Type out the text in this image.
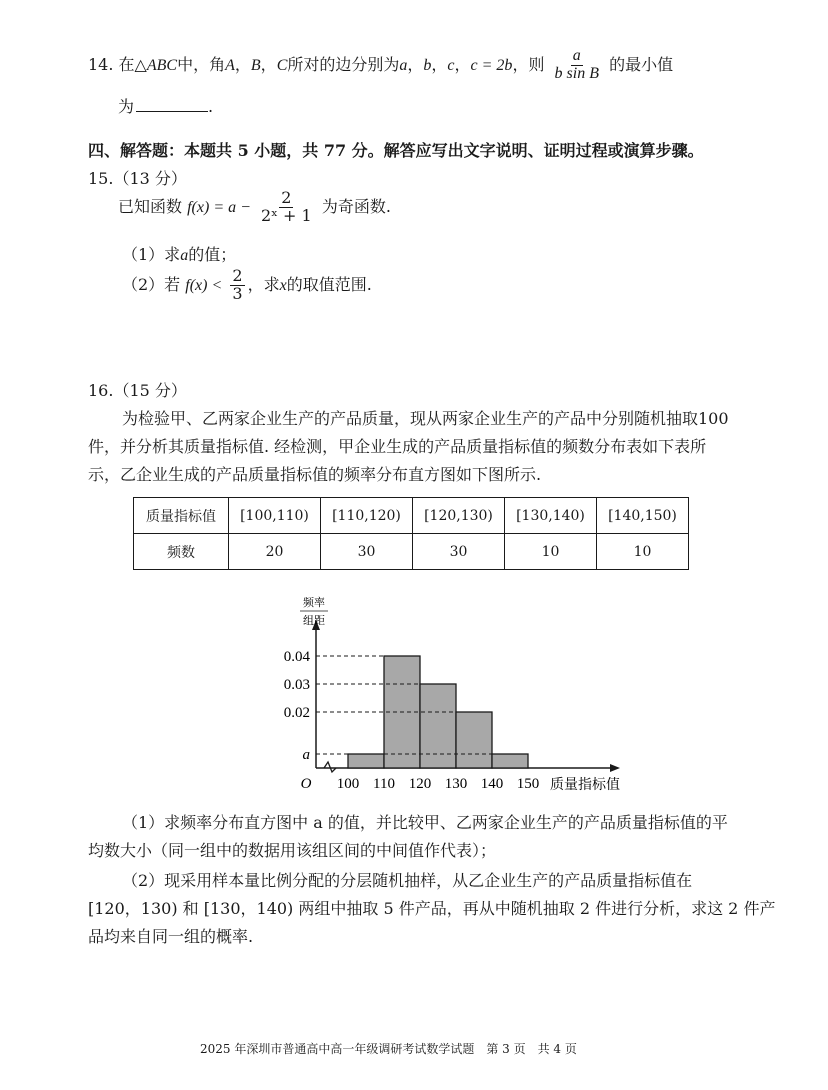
14. 在△ABC中，角A，B，C所对的边分别为a，b，c，c = 2b，则 $\frac{a}{\text{b sin B}}$ 的最小值
为	.
四、解答题：本题共 5 小题，共 77 分。解答应写出文字说明、证明过程或演算步骤。
15.（13 分）
已知函数 $f(x) = a - \frac{2}{\text{2ˣ + 1}}$ 为奇函数.
（1）求a的值；
（2）若 $f(x) < \frac{2}{3}$ ，求x的取值范围.
16.（15 分）
为检验甲、乙两家企业生产的产品质量，现从两家企业生产的产品中分别随机抽取100
件，并分析其质量指标值. 经检测，甲企业生成的产品质量指标值的频数分布表如下表所
示，乙企业生成的产品质量指标值的频率分布直方图如下图所示.
质量指标值	[100,110)	[110,120)	[120,130)	[130,140)	[140,150)
频数	20	30	30	10	10
0.04
0.03
0.02
a
100 110 120 130 140 150
O	质量指标值
频率
组距
（1）求频率分布直方图中 a 的值，并比较甲、乙两家企业生产的产品质量指标值的平
均数大小（同一组中的数据用该组区间的中间值作代表）；
（2）现采用样本量比例分配的分层随机抽样，从乙企业生产的产品质量指标值在
[120，130) 和 [130，140) 两组中抽取 5 件产品，再从中随机抽取 2 件进行分析，求这 2 件产
品均来自同一组的概率.
2025 年深圳市普通高中高一年级调研考试数学试题　第 3 页　共 4 页
